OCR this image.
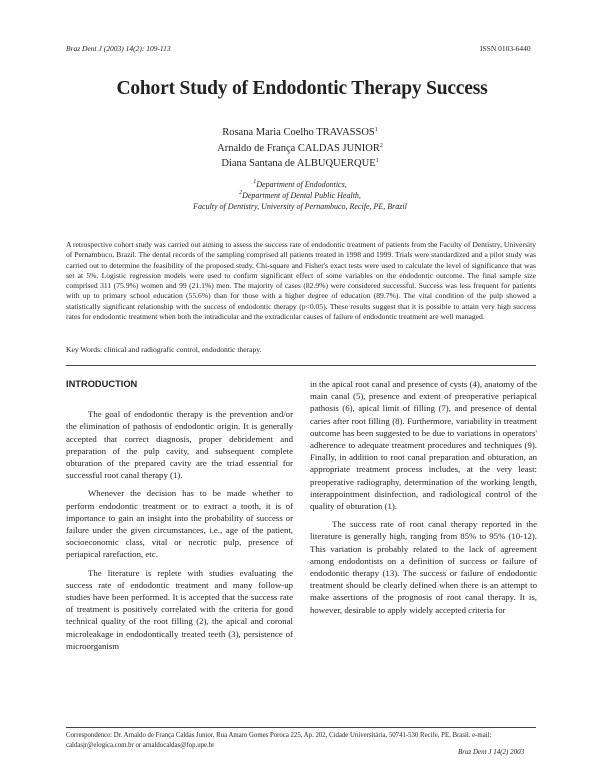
Braz Dent J (2003) 14(2): 109-113	ISSN 0103-6440
Cohort Study of Endodontic Therapy Success
Rosana Maria Coelho TRAVASSOS$^1$
Arnaldo de França CALDAS JUNIOR$^2$
Diana Santana de ALBUQUERQUE$^1$
$^1$Department of Endodontics,
$^2$Department of Dental Public Health,
Faculty of Dentistry, University of Pernambuco, Recife, PE, Brazil
A retrospective cohort study was carried out aiming to assess the success rate of endodontic treatment of patients from the Faculty of Dentistry, University of Pernambuco, Brazil. The dental records of the sampling comprised all patients treated in 1998 and 1999. Trials were standardized and a pilot study was carried out to determine the feasibility of the proposed study. Chi-square and Fisher's exact tests were used to calculate the level of significance that was set at 5%. Logistic regression models were used to confirm significant effect of some variables on the endodontic outcome. The final sample size comprised 311 (75.9%) women and 99 (21.1%) men. The majority of cases (82.9%) were considered successful. Success was less frequent for patients with up to primary school education (55.6%) than for those with a higher degree of education (89.7%). The vital condition of the pulp showed a statistically significant relationship with the success of endodontic therapy (p<0.05). These results suggest that it is possible to attain very high success rates for endodontic treatment when both the intradicular and the extradicular causes of failure of endodontic treatment are well managed.
Key Words: clinical and radiografic control, endodontic therapy.
INTRODUCTION

The goal of endodontic therapy is the prevention and/or the elimination of pathosis of endodontic origin. It is generally accepted that correct diagnosis, proper debridement and preparation of the pulp cavity, and subsequent complete obturation of the prepared cavity are the triad essential for successful root canal therapy (1).

Whenever the decision has to be made whether to perform endodontic treatment or to extract a tooth, it is of importance to gain an insight into the probability of success or failure under the given circumstances, i.e., age of the patient, socioeconomic class, vital or necrotic pulp, presence of periapical rarefaction, etc.

The literature is replete with studies evaluating the success rate of endodontic treatment and many follow-up studies have been performed. It is accepted that the success rate of treatment is positively correlated with the criteria for good technical quality of the root filling (2), the apical and coronal microleakage in endodontically treated teeth (3), persistence of microorganism

in the apical root canal and presence of cysts (4), anatomy of the main canal (5), presence and extent of preoperative periapical pathosis (6), apical limit of filling (7), and presence of dental caries after root filling (8). Furthermore, variability in treatment outcome has been suggested to be due to variations in operators' adherence to adequate treatment procedures and techniques (9). Finally, in addition to root canal preparation and obturation, an appropriate treatment process includes, at the very least: preoperative radiography, determination of the working length, interappointment disinfection, and radiological control of the quality of obturation (1).

The success rate of root canal therapy reported in the literature is generally high, ranging from 85% to 95% (10-12). This variation is probably related to the lack of agreement among endodontists on a definition of success or failure of endodontic therapy (13). The success or failure of endodontic treatment should be clearly defined when there is an attempt to make assertions of the prognosis of root canal therapy. It is, however, desirable to apply widely accepted criteria for

Correspondence: Dr. Arnaldo de França Caldas Junior, Rua Amaro Gomes Poroca 225, Ap. 202, Cidade Universitária, 50741-530 Recife, PE, Brasil. e-mail: caldasjr@elogica.com.br or arnaldocaldas@fop.upe.br
Braz Dent J 14(2) 2003
